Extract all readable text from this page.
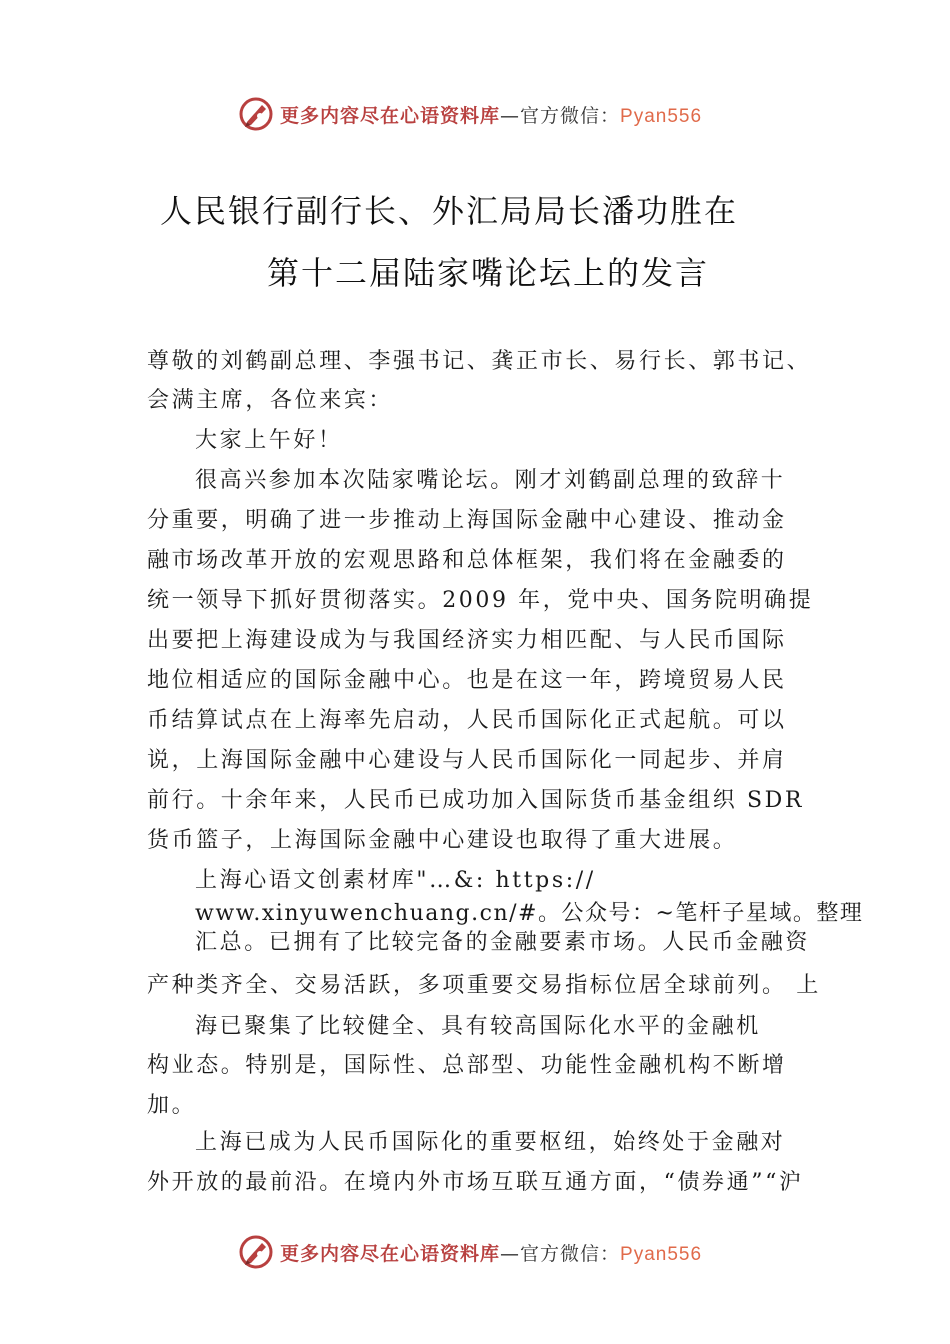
更多内容尽在心语资料库—官方微信：Pyan556
人民银行副行长、外汇局局长潘功胜在
第十二届陆家嘴论坛上的发言
尊敬的刘鹤副总理、李强书记、龚正市长、易行长、郭书记、
会满主席，各位来宾：
大家上午好！
很高兴参加本次陆家嘴论坛。刚才刘鹤副总理的致辞十
分重要，明确了进一步推动上海国际金融中心建设、推动金
融市场改革开放的宏观思路和总体框架，我们将在金融委的
统一领导下抓好贯彻落实。2009 年，党中央、国务院明确提
出要把上海建设成为与我国经济实力相匹配、与人民币国际
地位相适应的国际金融中心。也是在这一年，跨境贸易人民
币结算试点在上海率先启动，人民币国际化正式起航。可以
说，上海国际金融中心建设与人民币国际化一同起步、并肩
前行。十余年来，人民币已成功加入国际货币基金组织 SDR
货币篮子，上海国际金融中心建设也取得了重大进展。
上海心语文创素材库"…&: https://
www.xinyuwenchuang.cn/#。公众号：~笔杆子星域。整理
汇总。已拥有了比较完备的金融要素市场。人民币金融资
产种类齐全、交易活跃，多项重要交易指标位居全球前列。 上
海已聚集了比较健全、具有较高国际化水平的金融机
构业态。特别是，国际性、总部型、功能性金融机构不断增
加。
上海已成为人民币国际化的重要枢纽，始终处于金融对
外开放的最前沿。在境内外市场互联互通方面，“债券通”“沪
更多内容尽在心语资料库—官方微信：Pyan556
